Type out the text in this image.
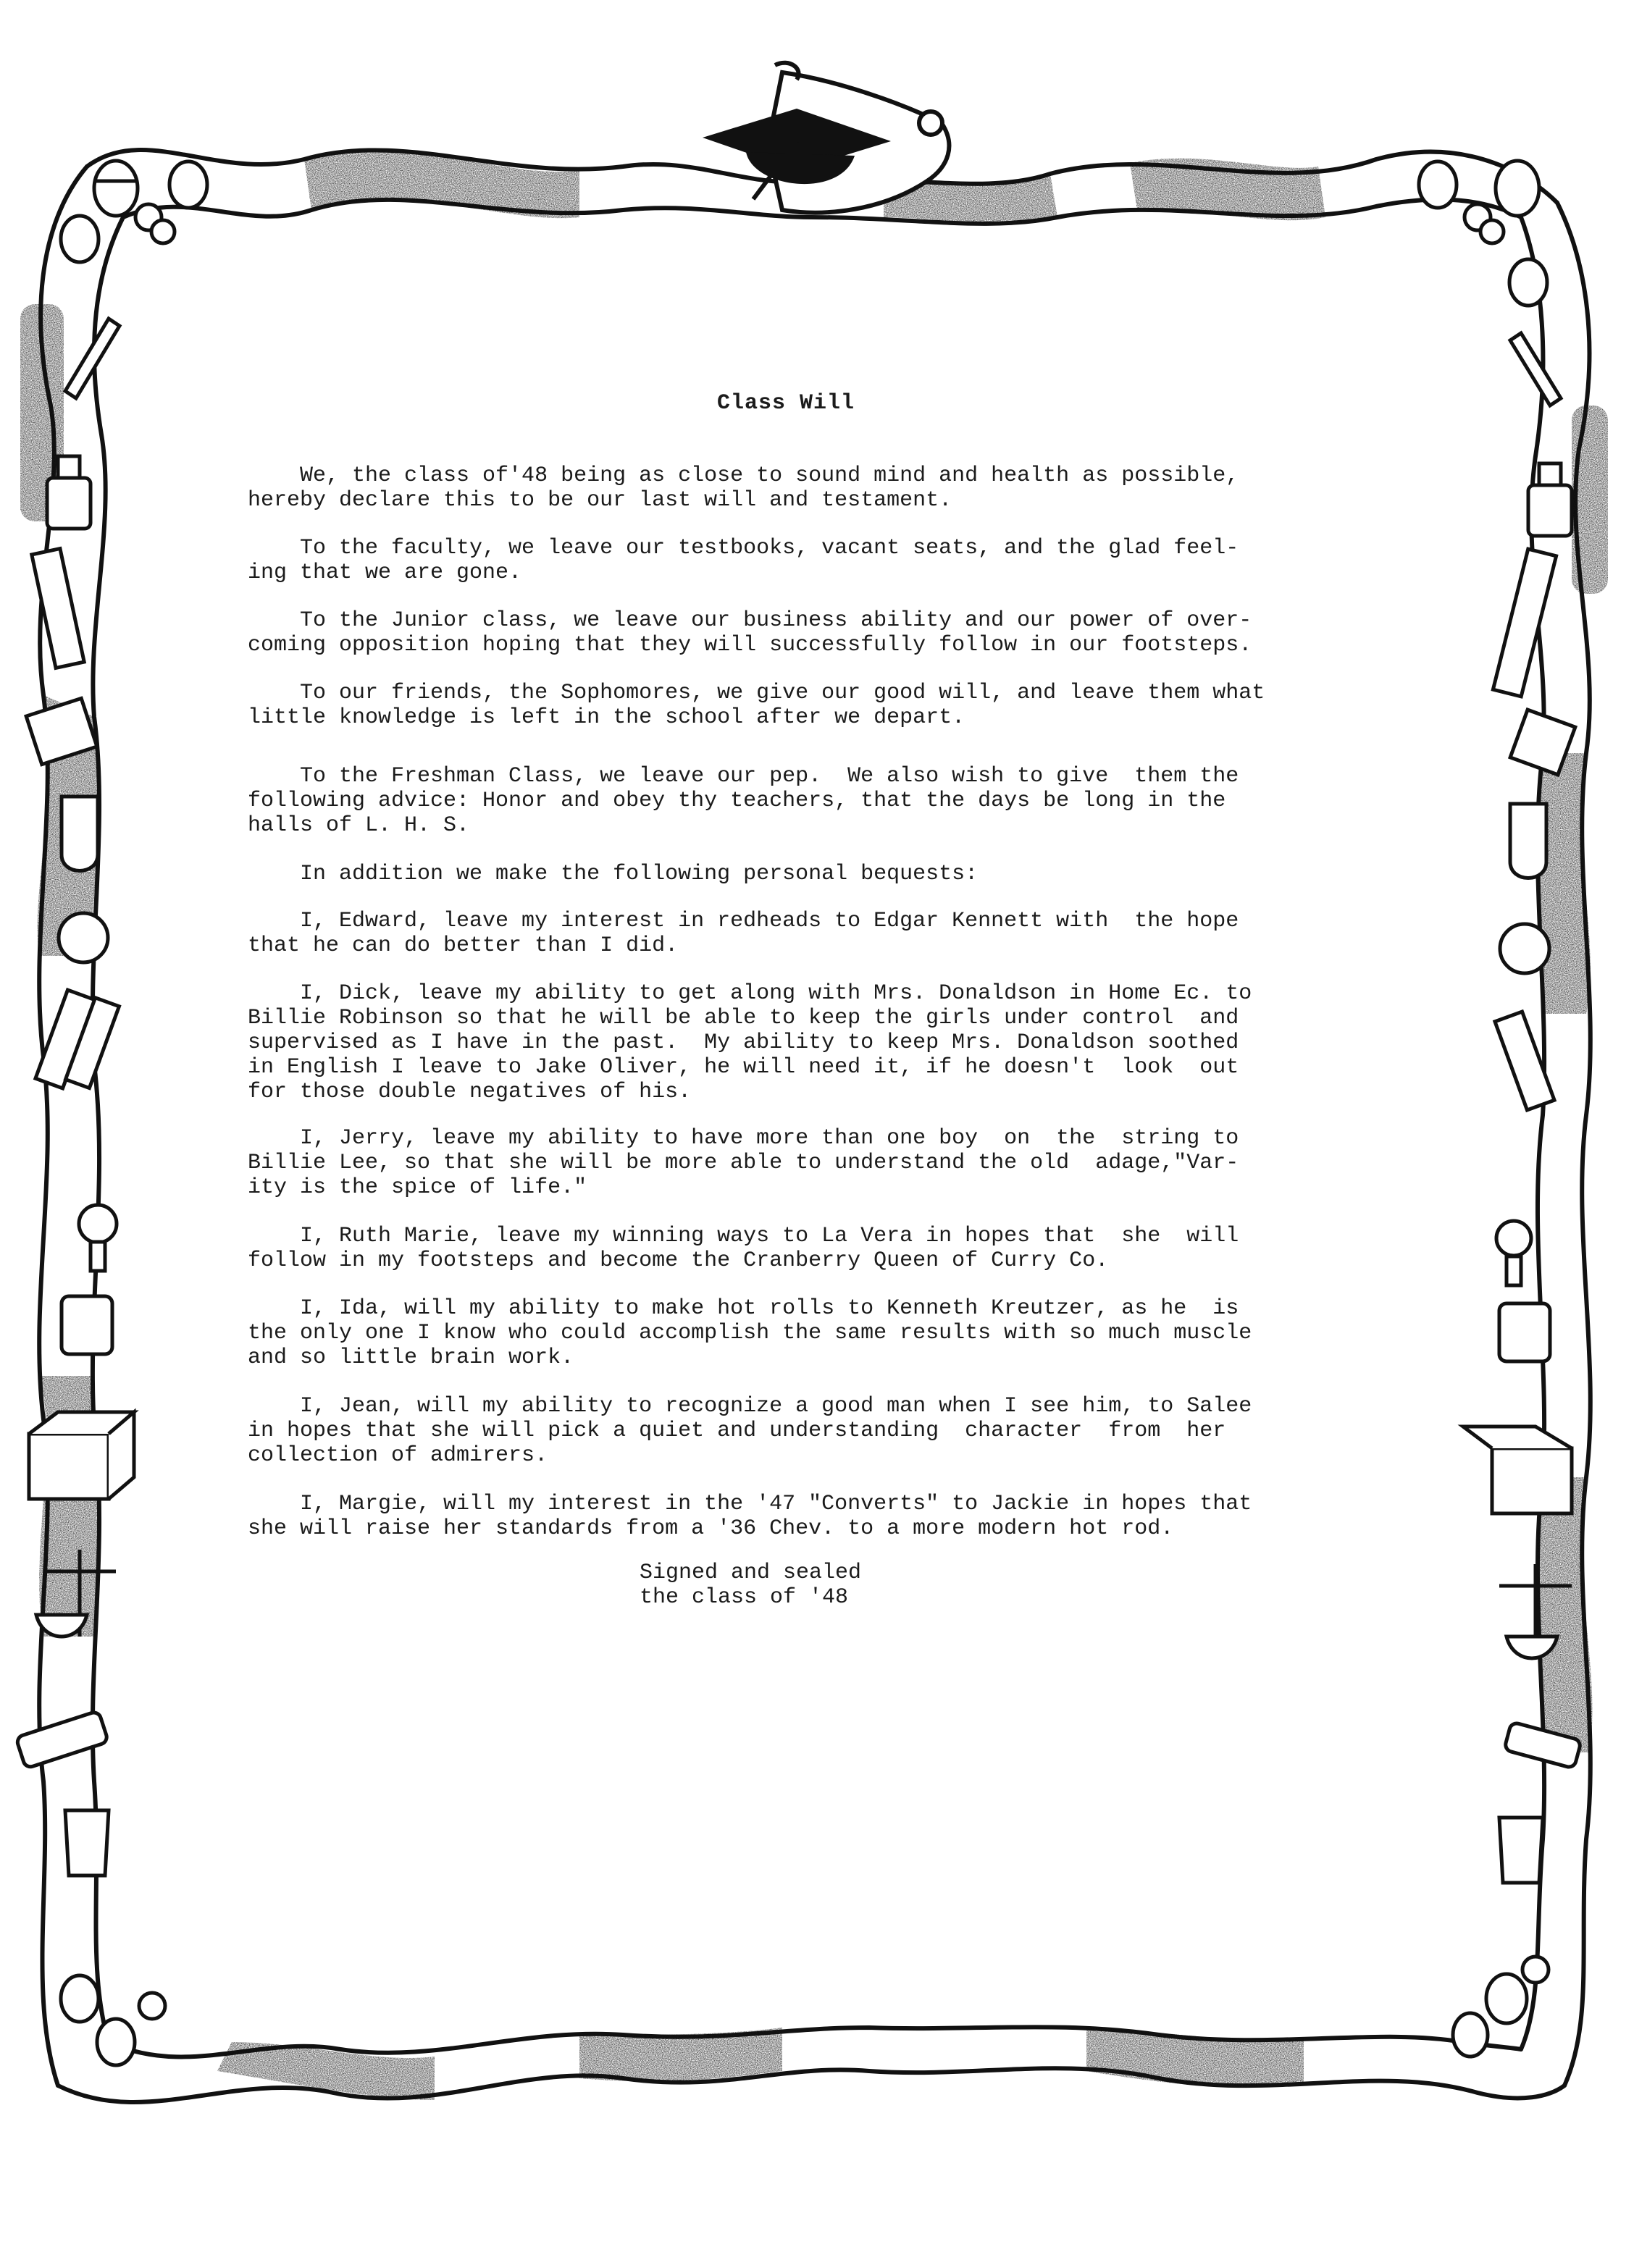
Class Will
We, the class of'48 being as close to sound mind and health as possible,
hereby declare this to be our last will and testament.
To the faculty, we leave our testbooks, vacant seats, and the glad feel-
ing that we are gone.
To the Junior class, we leave our business ability and our power of over-
coming opposition hoping that they will successfully follow in our footsteps.
To our friends, the Sophomores, we give our good will, and leave them what
little knowledge is left in the school after we depart.
To the Freshman Class, we leave our pep.  We also wish to give  them the
following advice: Honor and obey thy teachers, that the days be long in the
halls of L. H. S.
In addition we make the following personal bequests:
I, Edward, leave my interest in redheads to Edgar Kennett with  the hope
that he can do better than I did.
I, Dick, leave my ability to get along with Mrs. Donaldson in Home Ec. to
Billie Robinson so that he will be able to keep the girls under control  and
supervised as I have in the past.  My ability to keep Mrs. Donaldson soothed
in English I leave to Jake Oliver, he will need it, if he doesn't  look  out
for those double negatives of his.
I, Jerry, leave my ability to have more than one boy  on  the  string to
Billie Lee, so that she will be more able to understand the old  adage,"Var-
ity is the spice of life."
I, Ruth Marie, leave my winning ways to La Vera in hopes that  she  will
follow in my footsteps and become the Cranberry Queen of Curry Co.
I, Ida, will my ability to make hot rolls to Kenneth Kreutzer, as he  is
the only one I know who could accomplish the same results with so much muscle
and so little brain work.
I, Jean, will my ability to recognize a good man when I see him, to Salee
in hopes that she will pick a quiet and understanding  character  from  her
collection of admirers.
I, Margie, will my interest in the '47 "Converts" to Jackie in hopes that
she will raise her standards from a '36 Chev. to a more modern hot rod.
Signed and sealed
the class of '48
